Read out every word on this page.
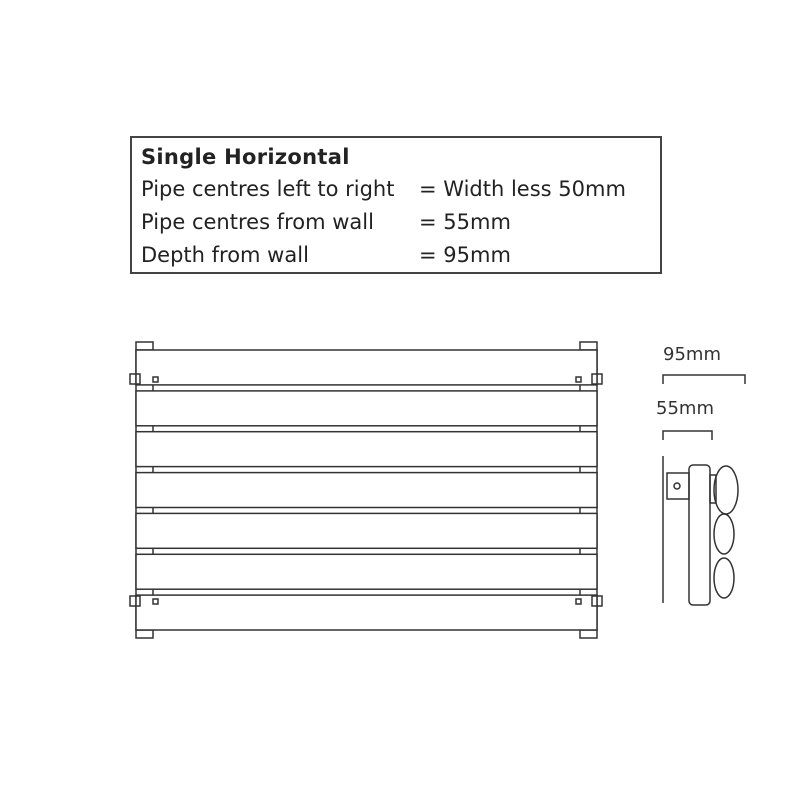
Single Horizontal
Pipe centres left to right = Width less 50mm
Pipe centres from wall = 55mm
Depth from wall	= 95mm
95mm
55mm
